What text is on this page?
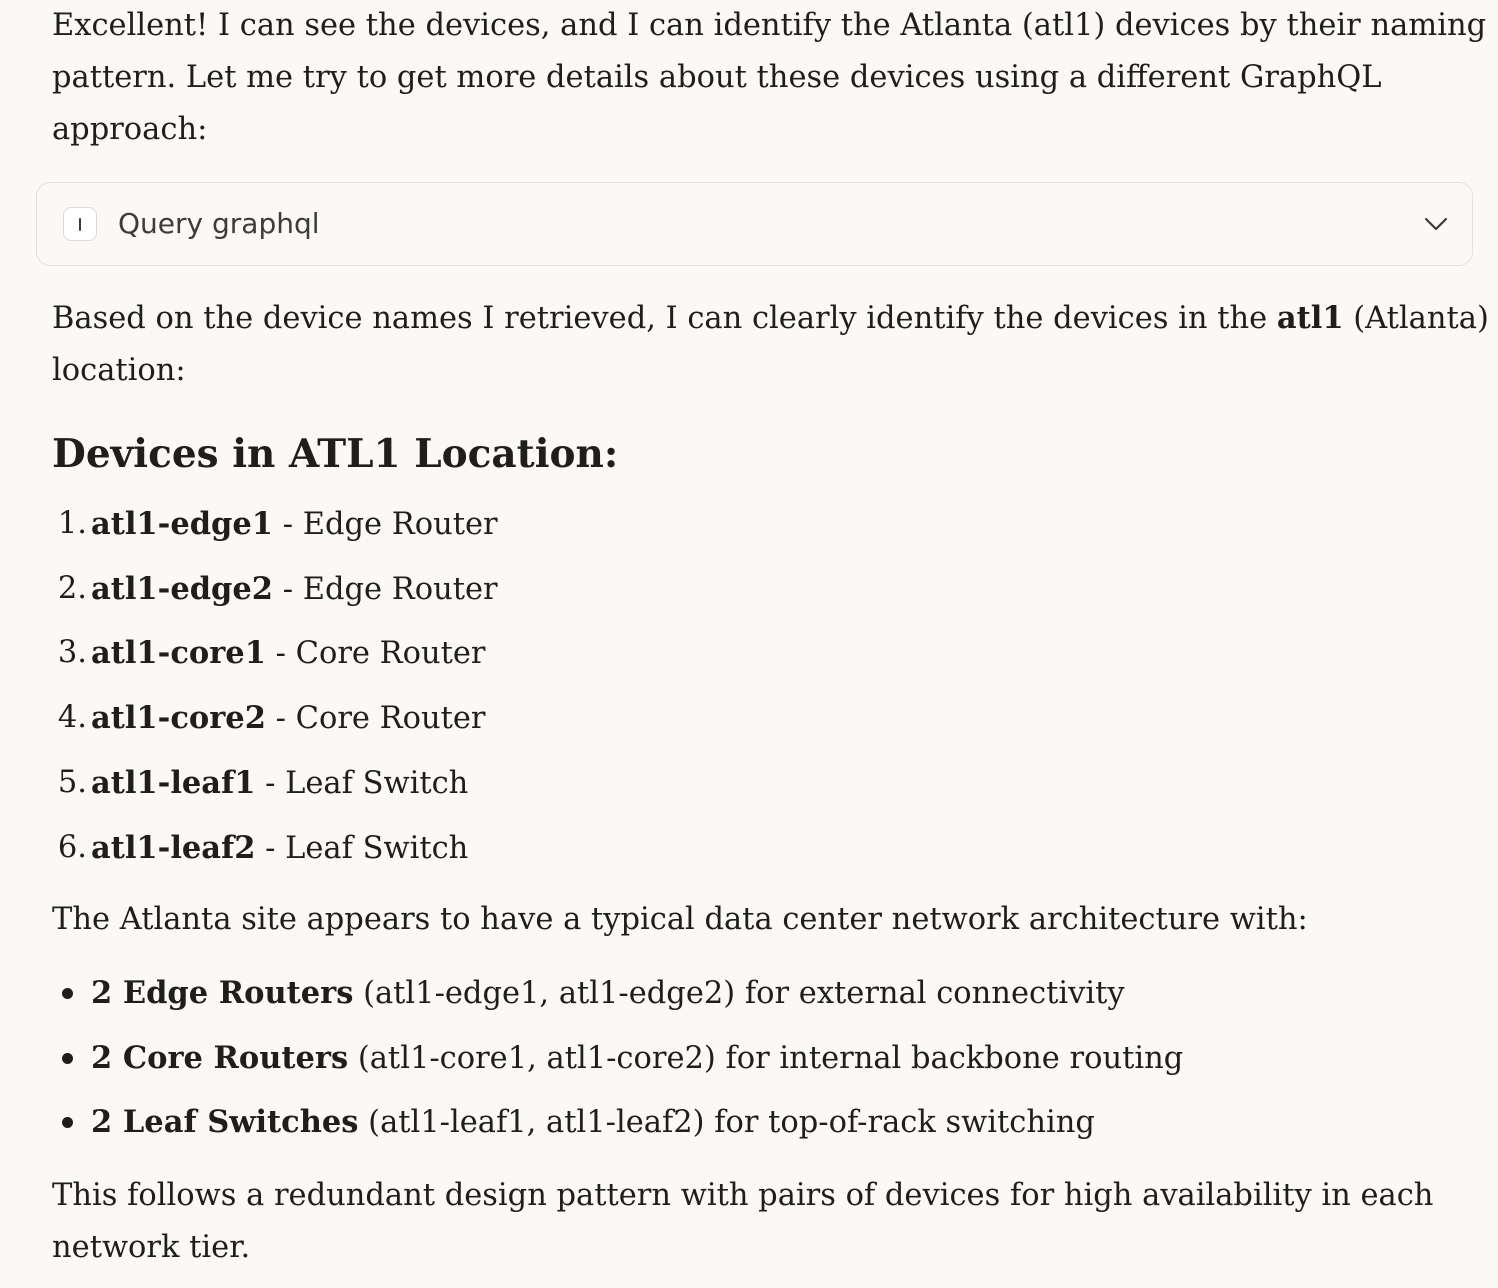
Excellent! I can see the devices, and I can identify the Atlanta (atl1) devices by their naming
pattern. Let me try to get more details about these devices using a different GraphQL
approach:

Query graphql

Based on the device names I retrieved, I can clearly identify the devices in the atl1 (Atlanta)
location:

Devices in ATL1 Location:
1. atl1-edge1 - Edge Router
2. atl1-edge2 - Edge Router
3. atl1-core1 - Core Router
4. atl1-core2 - Core Router
5. atl1-leaf1 - Leaf Switch
6. atl1-leaf2 - Leaf Switch

The Atlanta site appears to have a typical data center network architecture with:

2 Edge Routers (atl1-edge1, atl1-edge2) for external connectivity
2 Core Routers (atl1-core1, atl1-core2) for internal backbone routing
2 Leaf Switches (atl1-leaf1, atl1-leaf2) for top-of-rack switching

This follows a redundant design pattern with pairs of devices for high availability in each
network tier.
